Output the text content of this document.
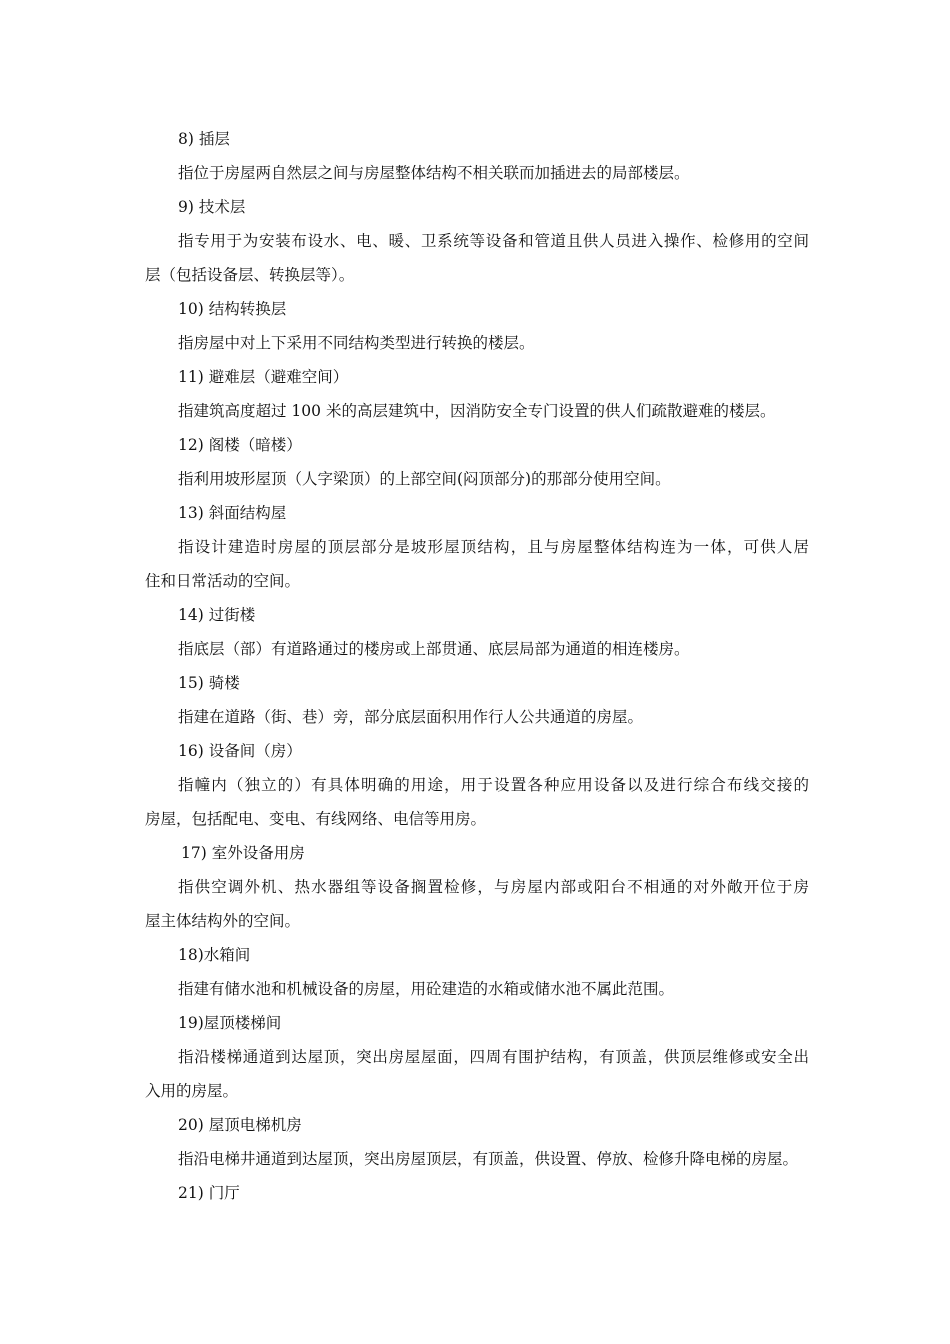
8) 插层
指位于房屋两自然层之间与房屋整体结构不相关联而加插进去的局部楼层。
9) 技术层
指专用于为安装布设水、电、暖、卫系统等设备和管道且供人员进入操作、检修用的空间
层（包括设备层、转换层等）。
10) 结构转换层
指房屋中对上下采用不同结构类型进行转换的楼层。
11) 避难层（避难空间）
指建筑高度超过 100 米的高层建筑中，因消防安全专门设置的供人们疏散避难的楼层。
12) 阁楼（暗楼）
指利用坡形屋顶（人字梁顶）的上部空间(闷顶部分)的那部分使用空间。
13) 斜面结构屋
指设计建造时房屋的顶层部分是坡形屋顶结构，且与房屋整体结构连为一体，可供人居
住和日常活动的空间。
14) 过街楼
指底层（部）有道路通过的楼房或上部贯通、底层局部为通道的相连楼房。
15) 骑楼
指建在道路（街、巷）旁，部分底层面积用作行人公共通道的房屋。
16) 设备间（房）
指幢内（独立的）有具体明确的用途，用于设置各种应用设备以及进行综合布线交接的
房屋，包括配电、变电、有线网络、电信等用房。
17) 室外设备用房
指供空调外机、热水器组等设备搁置检修，与房屋内部或阳台不相通的对外敞开位于房
屋主体结构外的空间。
18)水箱间
指建有储水池和机械设备的房屋，用砼建造的水箱或储水池不属此范围。
19)屋顶楼梯间
指沿楼梯通道到达屋顶，突出房屋屋面，四周有围护结构，有顶盖，供顶层维修或安全出
入用的房屋。
20) 屋顶电梯机房
指沿电梯井通道到达屋顶，突出房屋顶层，有顶盖，供设置、停放、检修升降电梯的房屋。
21) 门厅
